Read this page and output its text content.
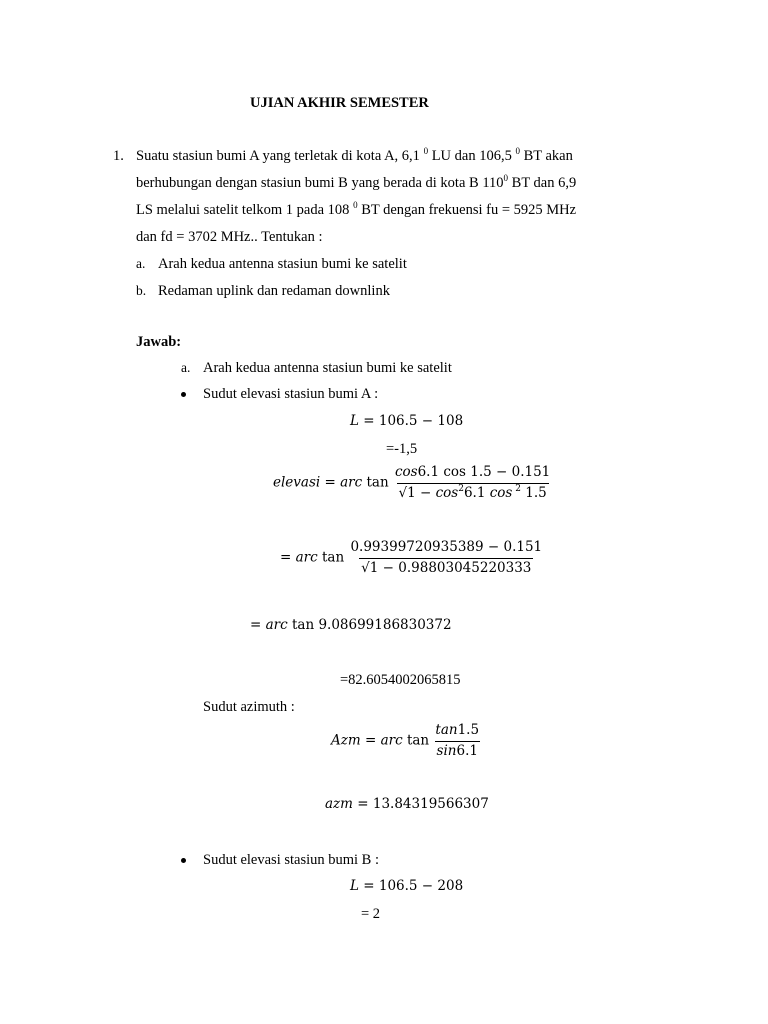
UJIAN AKHIR SEMESTER
1. Suatu stasiun bumi A yang terletak di kota A, 6,1 $^0$ LU dan 106,5 $^0$ BT akan
berhubungan dengan stasiun bumi B yang berada di kota B $110^0$ BT dan 6,9
LS melalui satelit telkom 1 pada 108 $^0$ BT dengan frekuensi fu = 5925 MHz
dan fd = 3702 MHz.. Tentukan :
a. Arah kedua antenna stasiun bumi ke satelit
b. Redaman uplink dan redaman downlink
Jawab:
a. Arah kedua antenna stasiun bumi ke satelit
Sudut elevasi stasiun bumi A :
L = 106.5 − 108
=-1,5
elevasi = arc $\tan \frac{\cos 6.1 \cos 1.5 - 0.151}{√1 - \cos^26.1 \cos ^2 1.5}$
= arc $\tan \frac{0.99399720935389 - 0.151}{√1 - 0.98803045220333}$
= arc tan 9.08699186830372
=82.6054002065815
Sudut azimuth :
Azm = arc $\tan \frac{\tan 1.5}{\sin 6.1}$
azm = 13.84319566307
Sudut elevasi stasiun bumi B :
L = 106.5 − 208
= 2
